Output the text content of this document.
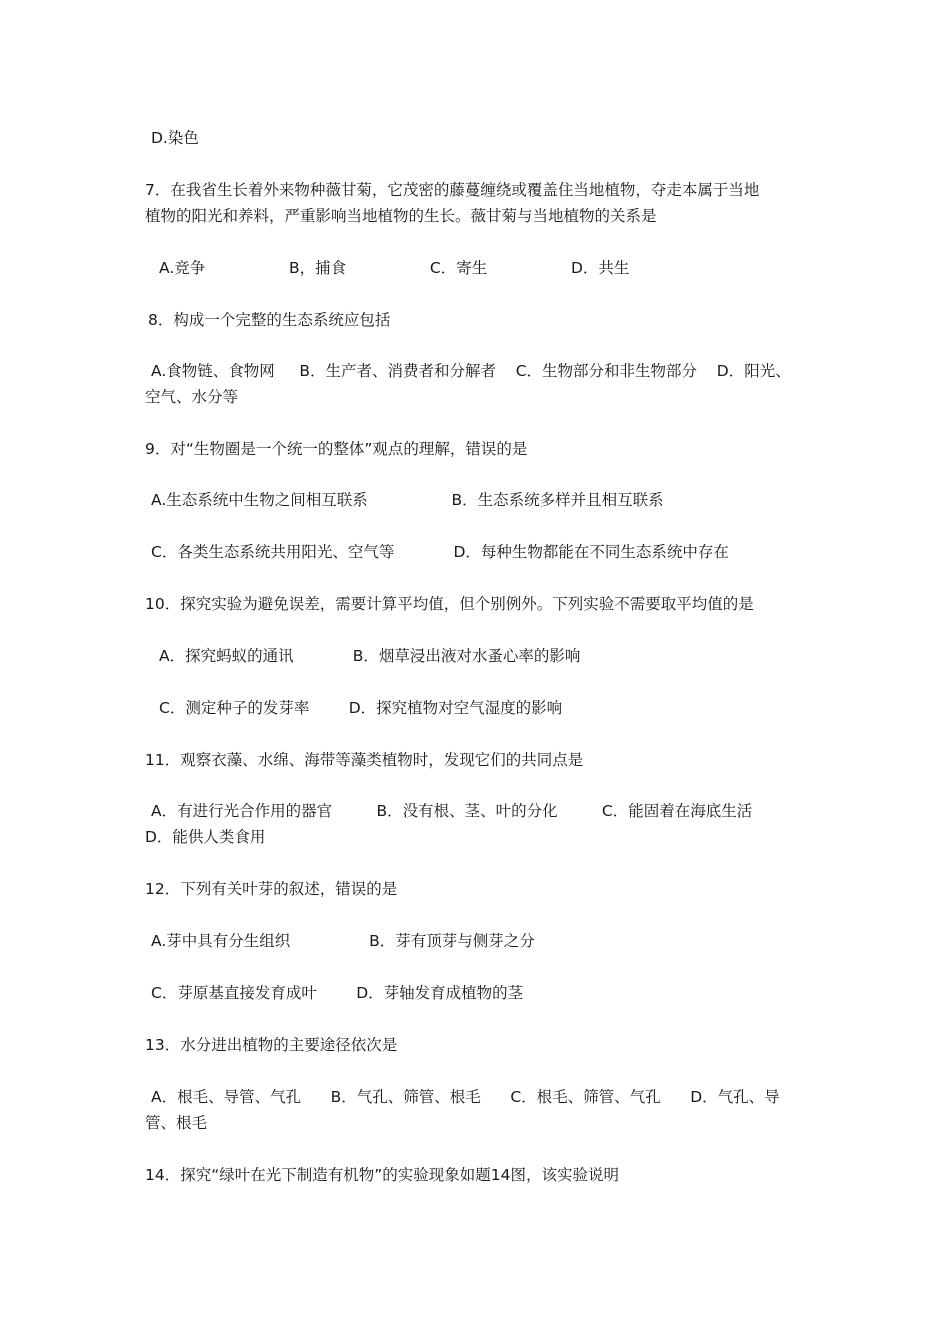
D.染色
7．在我省生长着外来物种薇甘菊，它茂密的藤蔓缠绕或覆盖住当地植物，夺走本属于当地
植物的阳光和养料，严重影响当地植物的生长。薇甘菊与当地植物的关系是
A.竞争                 B，捕食                 C．寄生                 D．共生
8．构成一个完整的生态系统应包括
A.食物链、食物网     B．生产者、消费者和分解者    C．生物部分和非生物部分    D．阳光、
空气、水分等
9．对“生物圈是一个统一的整体”观点的理解，错误的是
A.生态系统中生物之间相互联系                 B．生态系统多样并且相互联系
C．各类生态系统共用阳光、空气等            D．每种生物都能在不同生态系统中存在
10．探究实验为避免误差，需要计算平均值，但个别例外。下列实验不需要取平均值的是
A．探究蚂蚁的通讯            B．烟草浸出液对水蚤心率的影响
C．测定种子的发芽率        D．探究植物对空气湿度的影响
11．观察衣藻、水绵、海带等藻类植物时，发现它们的共同点是
A．有进行光合作用的器官         B．没有根、茎、叶的分化         C．能固着在海底生活
D．能供人类食用
12．下列有关叶芽的叙述，错误的是
A.芽中具有分生组织                B．芽有顶芽与侧芽之分
C．芽原基直接发育成叶        D．芽轴发育成植物的茎
13．水分进出植物的主要途径依次是
A．根毛、导管、气孔      B．气孔、筛管、根毛      C．根毛、筛管、气孔      D．气孔、导
管、根毛
14．探究“绿叶在光下制造有机物”的实验现象如题14图，该实验说明
